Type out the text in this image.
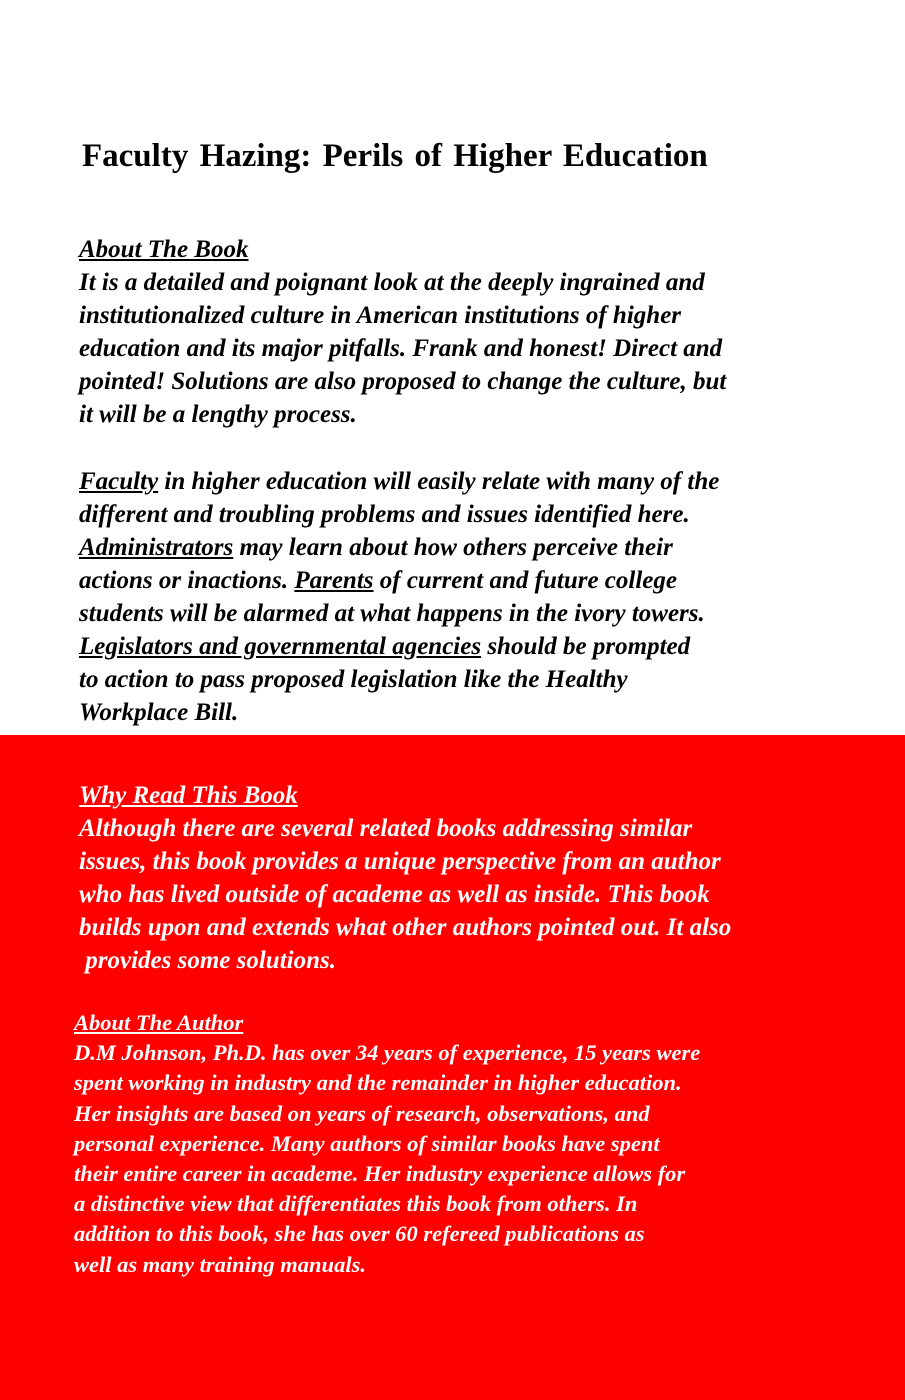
Faculty Hazing: Perils of Higher Education
About The Book
It is a detailed and poignant look at the deeply ingrained and
institutionalized culture in American institutions of higher
education and its major pitfalls. Frank and honest! Direct and
pointed! Solutions are also proposed to change the culture, but
it will be a lengthy process.
Faculty in higher education will easily relate with many of the
different and troubling problems and issues identified here.
Administrators may learn about how others perceive their
actions or inactions. Parents of current and future college
students will be alarmed at what happens in the ivory towers.
Legislators and governmental agencies should be prompted
to action to pass proposed legislation like the Healthy
Workplace Bill.
Why Read This Book
Although there are several related books addressing similar
issues, this book provides a unique perspective from an author
who has lived outside of academe as well as inside. This book
builds upon and extends what other authors pointed out. It also
provides some solutions.
About The Author
D.M Johnson, Ph.D. has over 34 years of experience, 15 years were
spent working in industry and the remainder in higher education.
Her insights are based on years of research, observations, and
personal experience. Many authors of similar books have spent
their entire career in academe. Her industry experience allows for
a distinctive view that differentiates this book from others. In
addition to this book, she has over 60 refereed publications as
well as many training manuals.
